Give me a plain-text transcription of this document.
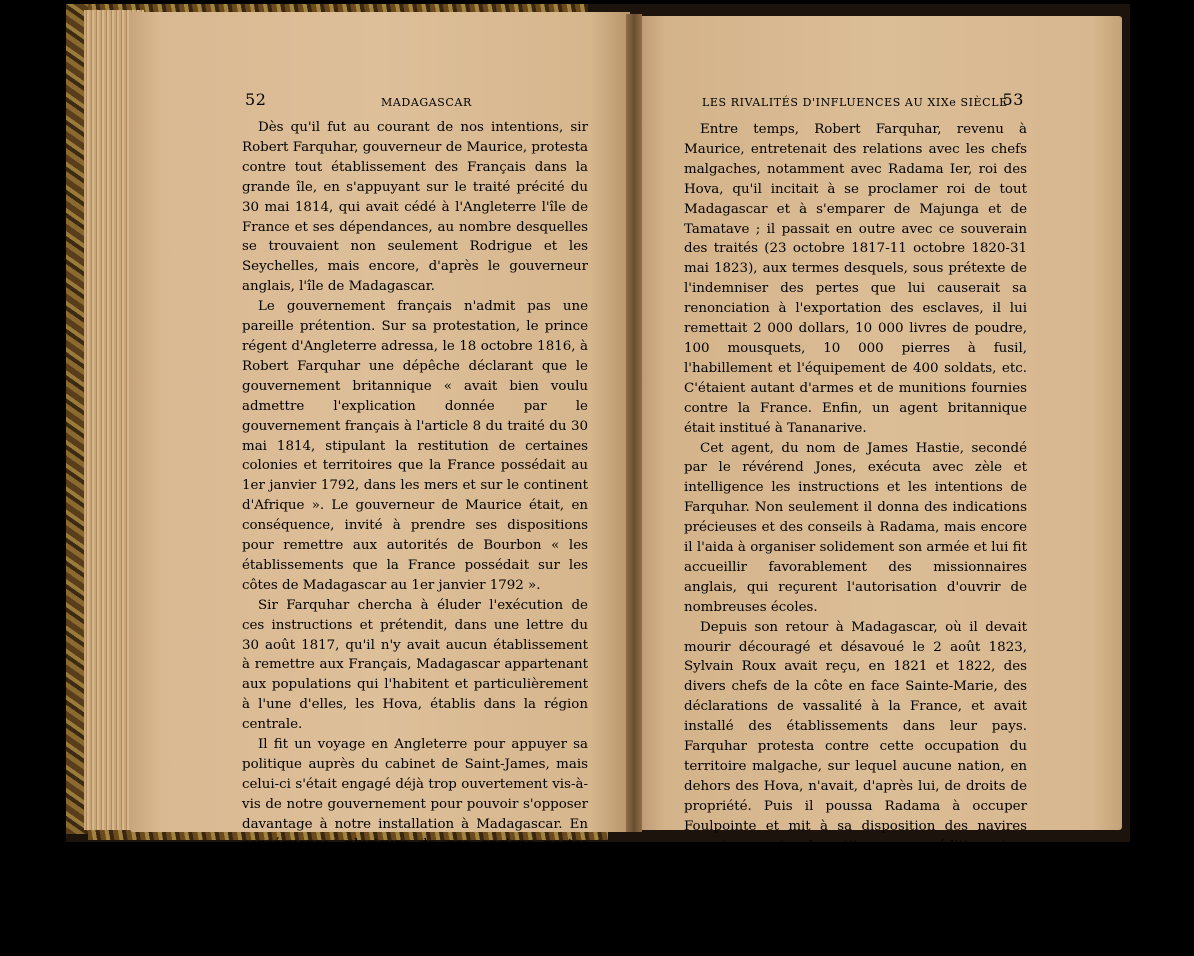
52	MADAGASCAR	LES RIVALITÉS D'INFLUENCES AU XIXe SIÈCLE
53

Dès qu'il fut au courant de nos intentions, sir Robert Farquhar, gouverneur de Maurice, protesta contre tout établissement des Français dans la grande île, en s'appuyant sur le traité précité du 30 mai 1814, qui avait cédé à l'Angleterre l'île de France et ses dépendances, au nombre desquelles se trouvaient non seulement Rodrigue et les Seychelles, mais encore, d'après le gouverneur anglais, l'île de Madagascar.

Le gouvernement français n'admit pas une pareille prétention. Sur sa protestation, le prince régent d'Angleterre adressa, le 18 octobre 1816, à Robert Farquhar une dépêche déclarant que le gouvernement britannique « avait bien voulu admettre l'explication donnée par le gouvernement français à l'article 8 du traité du 30 mai 1814, stipulant la restitution de certaines colonies et territoires que la France possédait au 1er janvier 1792, dans les mers et sur le continent d'Afrique ». Le gouverneur de Maurice était, en conséquence, invité à prendre ses dispositions pour remettre aux autorités de Bourbon « les établissements que la France possédait sur les côtes de Madagascar au 1er janvier 1792 ».

Sir Farquhar chercha à éluder l'exécution de ces instructions et prétendit, dans une lettre du 30 août 1817, qu'il n'y avait aucun établissement à remettre aux Français, Madagascar appartenant aux populations qui l'habitent et particulièrement à l'une d'elles, les Hova, établis dans la région centrale.

Il fit un voyage en Angleterre pour appuyer sa politique auprès du cabinet de Saint-James, mais celui-ci s'était engagé déjà trop ouvertement vis-à-vis de notre gouvernement pour pouvoir s'opposer davantage à notre installation à Madagascar. En conséquence, plusieurs de nos anciens postes furent successivement réoccupés par Sylvain Roux à partir de 1818, notamment Sainte-Marie, Fort-Dauphin, Pointe-à-Larrée et Tintingue.

Entre temps, Robert Farquhar, revenu à Maurice, entretenait des relations avec les chefs malgaches, notamment avec Radama Ier, roi des Hova, qu'il incitait à se proclamer roi de tout Madagascar et à s'emparer de Majunga et de Tamatave ; il passait en outre avec ce souverain des traités (23 octobre 1817-11 octobre 1820-31 mai 1823), aux termes desquels, sous prétexte de l'indemniser des pertes que lui causerait sa renonciation à l'exportation des esclaves, il lui remettait 2 000 dollars, 10 000 livres de poudre, 100 mousquets, 10 000 pierres à fusil, l'habillement et l'équipement de 400 soldats, etc. C'étaient autant d'armes et de munitions fournies contre la France. Enfin, un agent britannique était institué à Tananarive.

Cet agent, du nom de James Hastie, secondé par le révérend Jones, exécuta avec zèle et intelligence les instructions et les intentions de Farquhar. Non seulement il donna des indications précieuses et des conseils à Radama, mais encore il l'aida à organiser solidement son armée et lui fit accueillir favorablement des missionnaires anglais, qui reçurent l'autorisation d'ouvrir de nombreuses écoles.

Depuis son retour à Madagascar, où il devait mourir découragé et désavoué le 2 août 1823, Sylvain Roux avait reçu, en 1821 et 1822, des divers chefs de la côte en face Sainte-Marie, des déclarations de vassalité à la France, et avait installé des établissements dans leur pays. Farquhar protesta contre cette occupation du territoire malgache, sur lequel aucune nation, en dehors des Hova, n'avait, d'après lui, de droits de propriété. Puis il poussa Radama à occuper Foulpointe et mit à sa disposition des navires pour transporter de petits corps expéditionnaires contre Tintingue et Fort-Dauphin. Ce dernier comptoir, défendu seulement par un vaillant officier, M. de Grasse, et par quelques soldats minés par la fièvre, fut occupé par les Hova le 14 mars 1825.
